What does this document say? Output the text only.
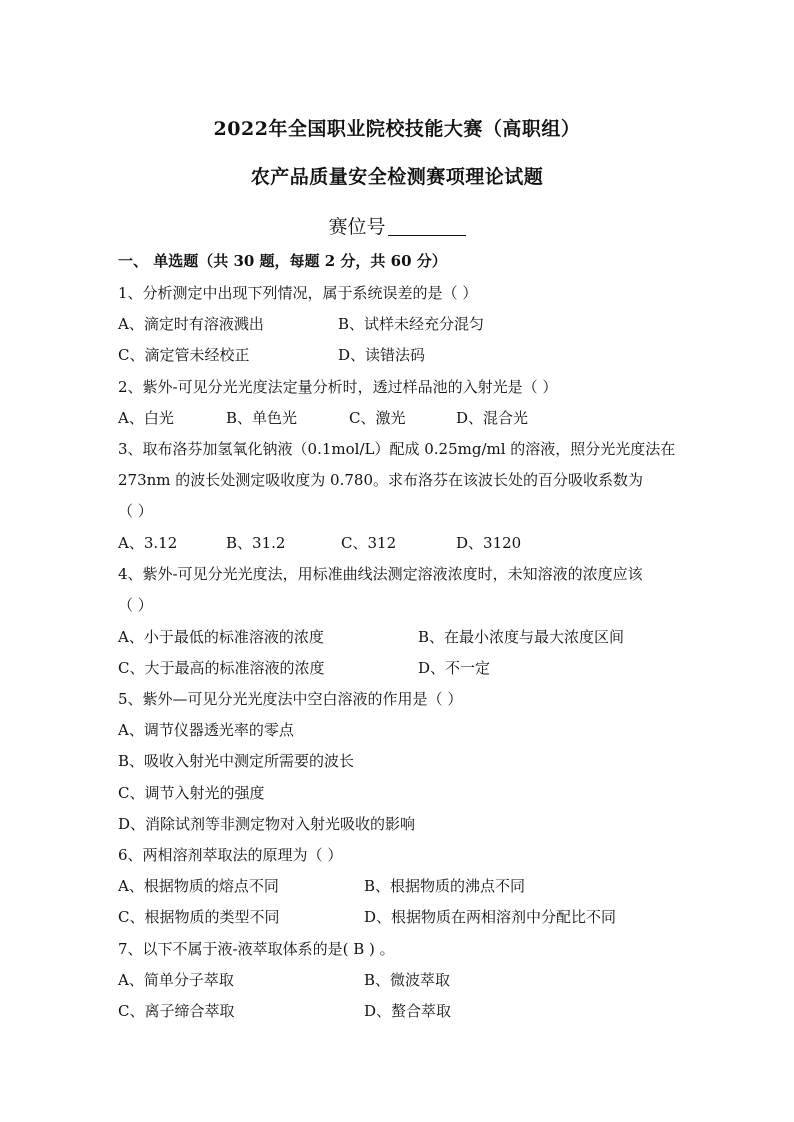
2022年全国职业院校技能大赛（高职组）
农产品质量安全检测赛项理论试题
赛位号
一、 单选题（共 30 题，每题 2 分，共 60 分）
1、分析测定中出现下列情况，属于系统误差的是（ ）
A、滴定时有溶液溅出	B、试样未经充分混匀
C、滴定管未经校正	D、读错法码
2、紫外-可见分光光度法定量分析时，透过样品池的入射光是（ ）
A、白光	B、单色光	C、激光	D、混合光
3、取布洛芬加氢氧化钠液（0.1mol/L）配成 0.25mg/ml 的溶液，照分光光度法在
273nm 的波长处测定吸收度为 0.780。求布洛芬在该波长处的百分吸收系数为
（ ）
A、3.12	B、31.2	C、312	D、3120
4、紫外-可见分光光度法，用标准曲线法测定溶液浓度时，未知溶液的浓度应该
（ ）
A、小于最低的标准溶液的浓度	B、在最小浓度与最大浓度区间
C、大于最高的标准溶液的浓度	D、不一定
5、紫外—可见分光光度法中空白溶液的作用是（ ）
A、调节仪器透光率的零点
B、吸收入射光中测定所需要的波长
C、调节入射光的强度
D、消除试剂等非测定物对入射光吸收的影响
6、两相溶剂萃取法的原理为（ ）
A、根据物质的熔点不同	B、根据物质的沸点不同
C、根据物质的类型不同	D、根据物质在两相溶剂中分配比不同
7、以下不属于液-液萃取体系的是( B ) 。
A、简单分子萃取	B、微波萃取
C、离子缔合萃取	D、螯合萃取
